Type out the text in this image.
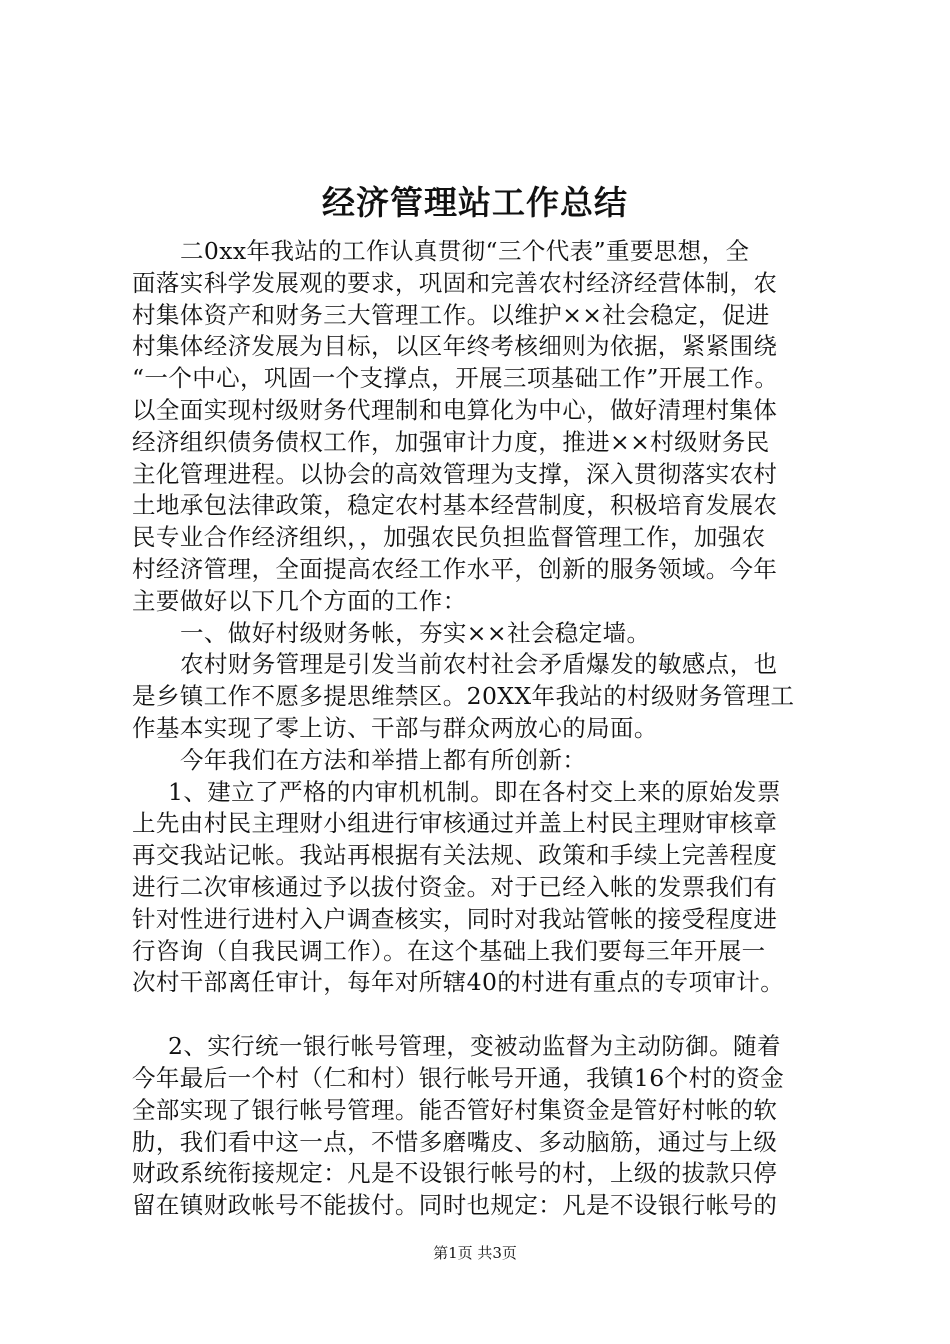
经济管理站工作总结
二0xx年我站的工作认真贯彻“三个代表”重要思想，全
面落实科学发展观的要求，巩固和完善农村经济经营体制，农
村集体资产和财务三大管理工作。以维护××社会稳定，促进
村集体经济发展为目标，以区年终考核细则为依据，紧紧围绕
“一个中心，巩固一个支撑点，开展三项基础工作”开展工作。
以全面实现村级财务代理制和电算化为中心，做好清理村集体
经济组织债务债权工作，加强审计力度，推进××村级财务民
主化管理进程。以协会的高效管理为支撑，深入贯彻落实农村
土地承包法律政策，稳定农村基本经营制度，积极培育发展农
民专业合作经济组织，，加强农民负担监督管理工作，加强农
村经济管理，全面提高农经工作水平，创新的服务领域。今年
主要做好以下几个方面的工作：
一、做好村级财务帐，夯实××社会稳定墙。
农村财务管理是引发当前农村社会矛盾爆发的敏感点，也
是乡镇工作不愿多提思维禁区。20XX年我站的村级财务管理工
作基本实现了零上访、干部与群众两放心的局面。
今年我们在方法和举措上都有所创新：
1、建立了严格的内审机机制。即在各村交上来的原始发票
上先由村民主理财小组进行审核通过并盖上村民主理财审核章
再交我站记帐。我站再根据有关法规、政策和手续上完善程度
进行二次审核通过予以拔付资金。对于已经入帐的发票我们有
针对性进行进村入户调查核实，同时对我站管帐的接受程度进
行咨询（自我民调工作）。在这个基础上我们要每三年开展一
次村干部离任审计，每年对所辖40的村进有重点的专项审计。
2、实行统一银行帐号管理，变被动监督为主动防御。随着
今年最后一个村（仁和村）银行帐号开通，我镇16个村的资金
全部实现了银行帐号管理。能否管好村集资金是管好村帐的软
肋，我们看中这一点，不惜多磨嘴皮、多动脑筋，通过与上级
财政系统衔接规定：凡是不设银行帐号的村，上级的拔款只停
留在镇财政帐号不能拔付。同时也规定：凡是不设银行帐号的
第1页 共3页
